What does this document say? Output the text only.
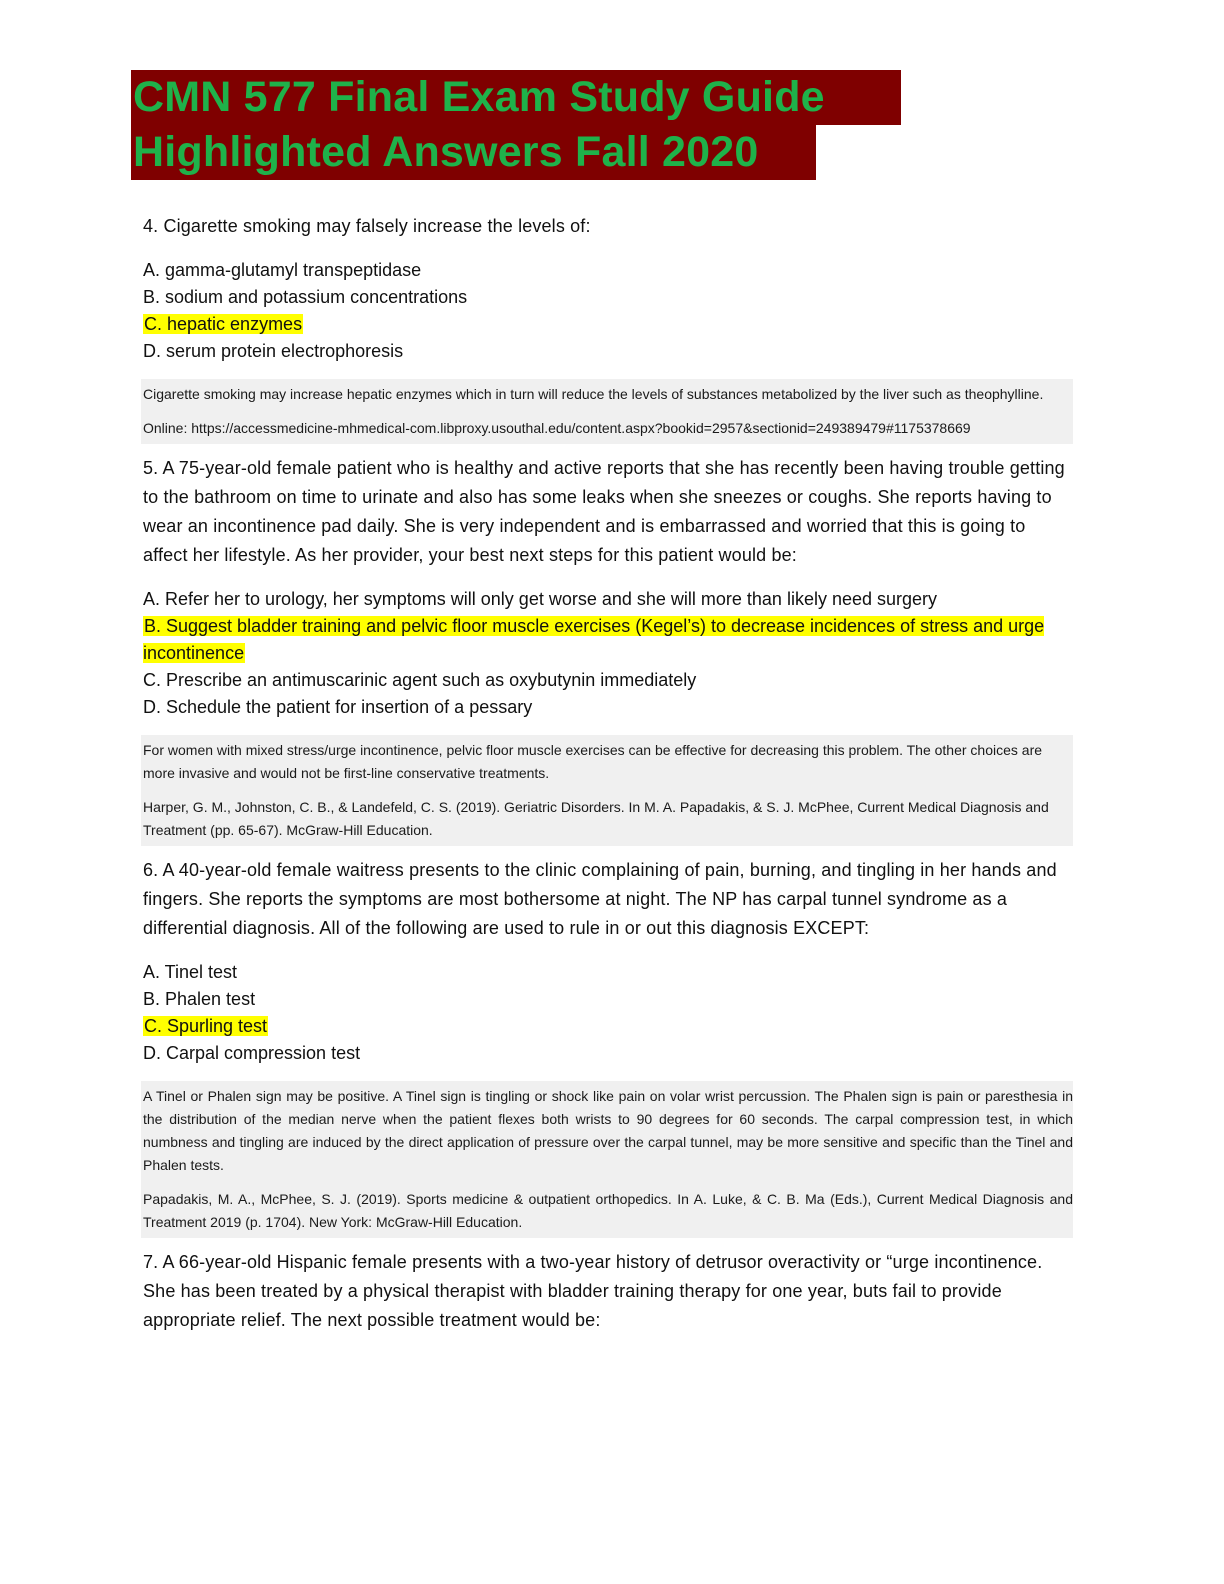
CMN 577 Final Exam Study Guide
Highlighted Answers Fall 2020

4. Cigarette smoking may falsely increase the levels of:

A. gamma-glutamyl transpeptidase
B. sodium and potassium concentrations
C. hepatic enzymes
D. serum protein electrophoresis

Cigarette smoking may increase hepatic enzymes which in turn will reduce the levels of substances metabolized by the liver such as theophylline.

Online: https://accessmedicine-mhmedical-com.libproxy.usouthal.edu/content.aspx?bookid=2957&sectionid=249389479#1175378669

5. A 75-year-old female patient who is healthy and active reports that she has recently been having trouble getting to the bathroom on time to urinate and also has some leaks when she sneezes or coughs. She reports having to wear an incontinence pad daily. She is very independent and is embarrassed and worried that this is going to affect her lifestyle. As her provider, your best next steps for this patient would be:

A. Refer her to urology, her symptoms will only get worse and she will more than likely need surgery
B. Suggest bladder training and pelvic floor muscle exercises (Kegel’s) to decrease incidences of stress and urge incontinence
C. Prescribe an antimuscarinic agent such as oxybutynin immediately
D. Schedule the patient for insertion of a pessary

For women with mixed stress/urge incontinence, pelvic floor muscle exercises can be effective for decreasing this problem. The other choices are more invasive and would not be first-line conservative treatments.

Harper, G. M., Johnston, C. B., & Landefeld, C. S. (2019). Geriatric Disorders. In M. A. Papadakis, & S. J. McPhee, Current Medical Diagnosis and Treatment (pp. 65-67). McGraw-Hill Education.

6. A 40-year-old female waitress presents to the clinic complaining of pain, burning, and tingling in her hands and fingers. She reports the symptoms are most bothersome at night. The NP has carpal tunnel syndrome as a differential diagnosis. All of the following are used to rule in or out this diagnosis EXCEPT:

A. Tinel test
B. Phalen test
C. Spurling test
D. Carpal compression test

A Tinel or Phalen sign may be positive. A Tinel sign is tingling or shock like pain on volar wrist percussion. The Phalen sign is pain or paresthesia in the distribution of the median nerve when the patient flexes both wrists to 90 degrees for 60 seconds. The carpal compression test, in which numbness and tingling are induced by the direct application of pressure over the carpal tunnel, may be more sensitive and specific than the Tinel and Phalen tests.

Papadakis, M. A., McPhee, S. J. (2019). Sports medicine & outpatient orthopedics. In A. Luke, & C. B. Ma (Eds.), Current Medical Diagnosis and Treatment 2019 (p. 1704). New York: McGraw-Hill Education.

7. A 66-year-old Hispanic female presents with a two-year history of detrusor overactivity or “urge incontinence. She has been treated by a physical therapist with bladder training therapy for one year, buts fail to provide appropriate relief. The next possible treatment would be:
